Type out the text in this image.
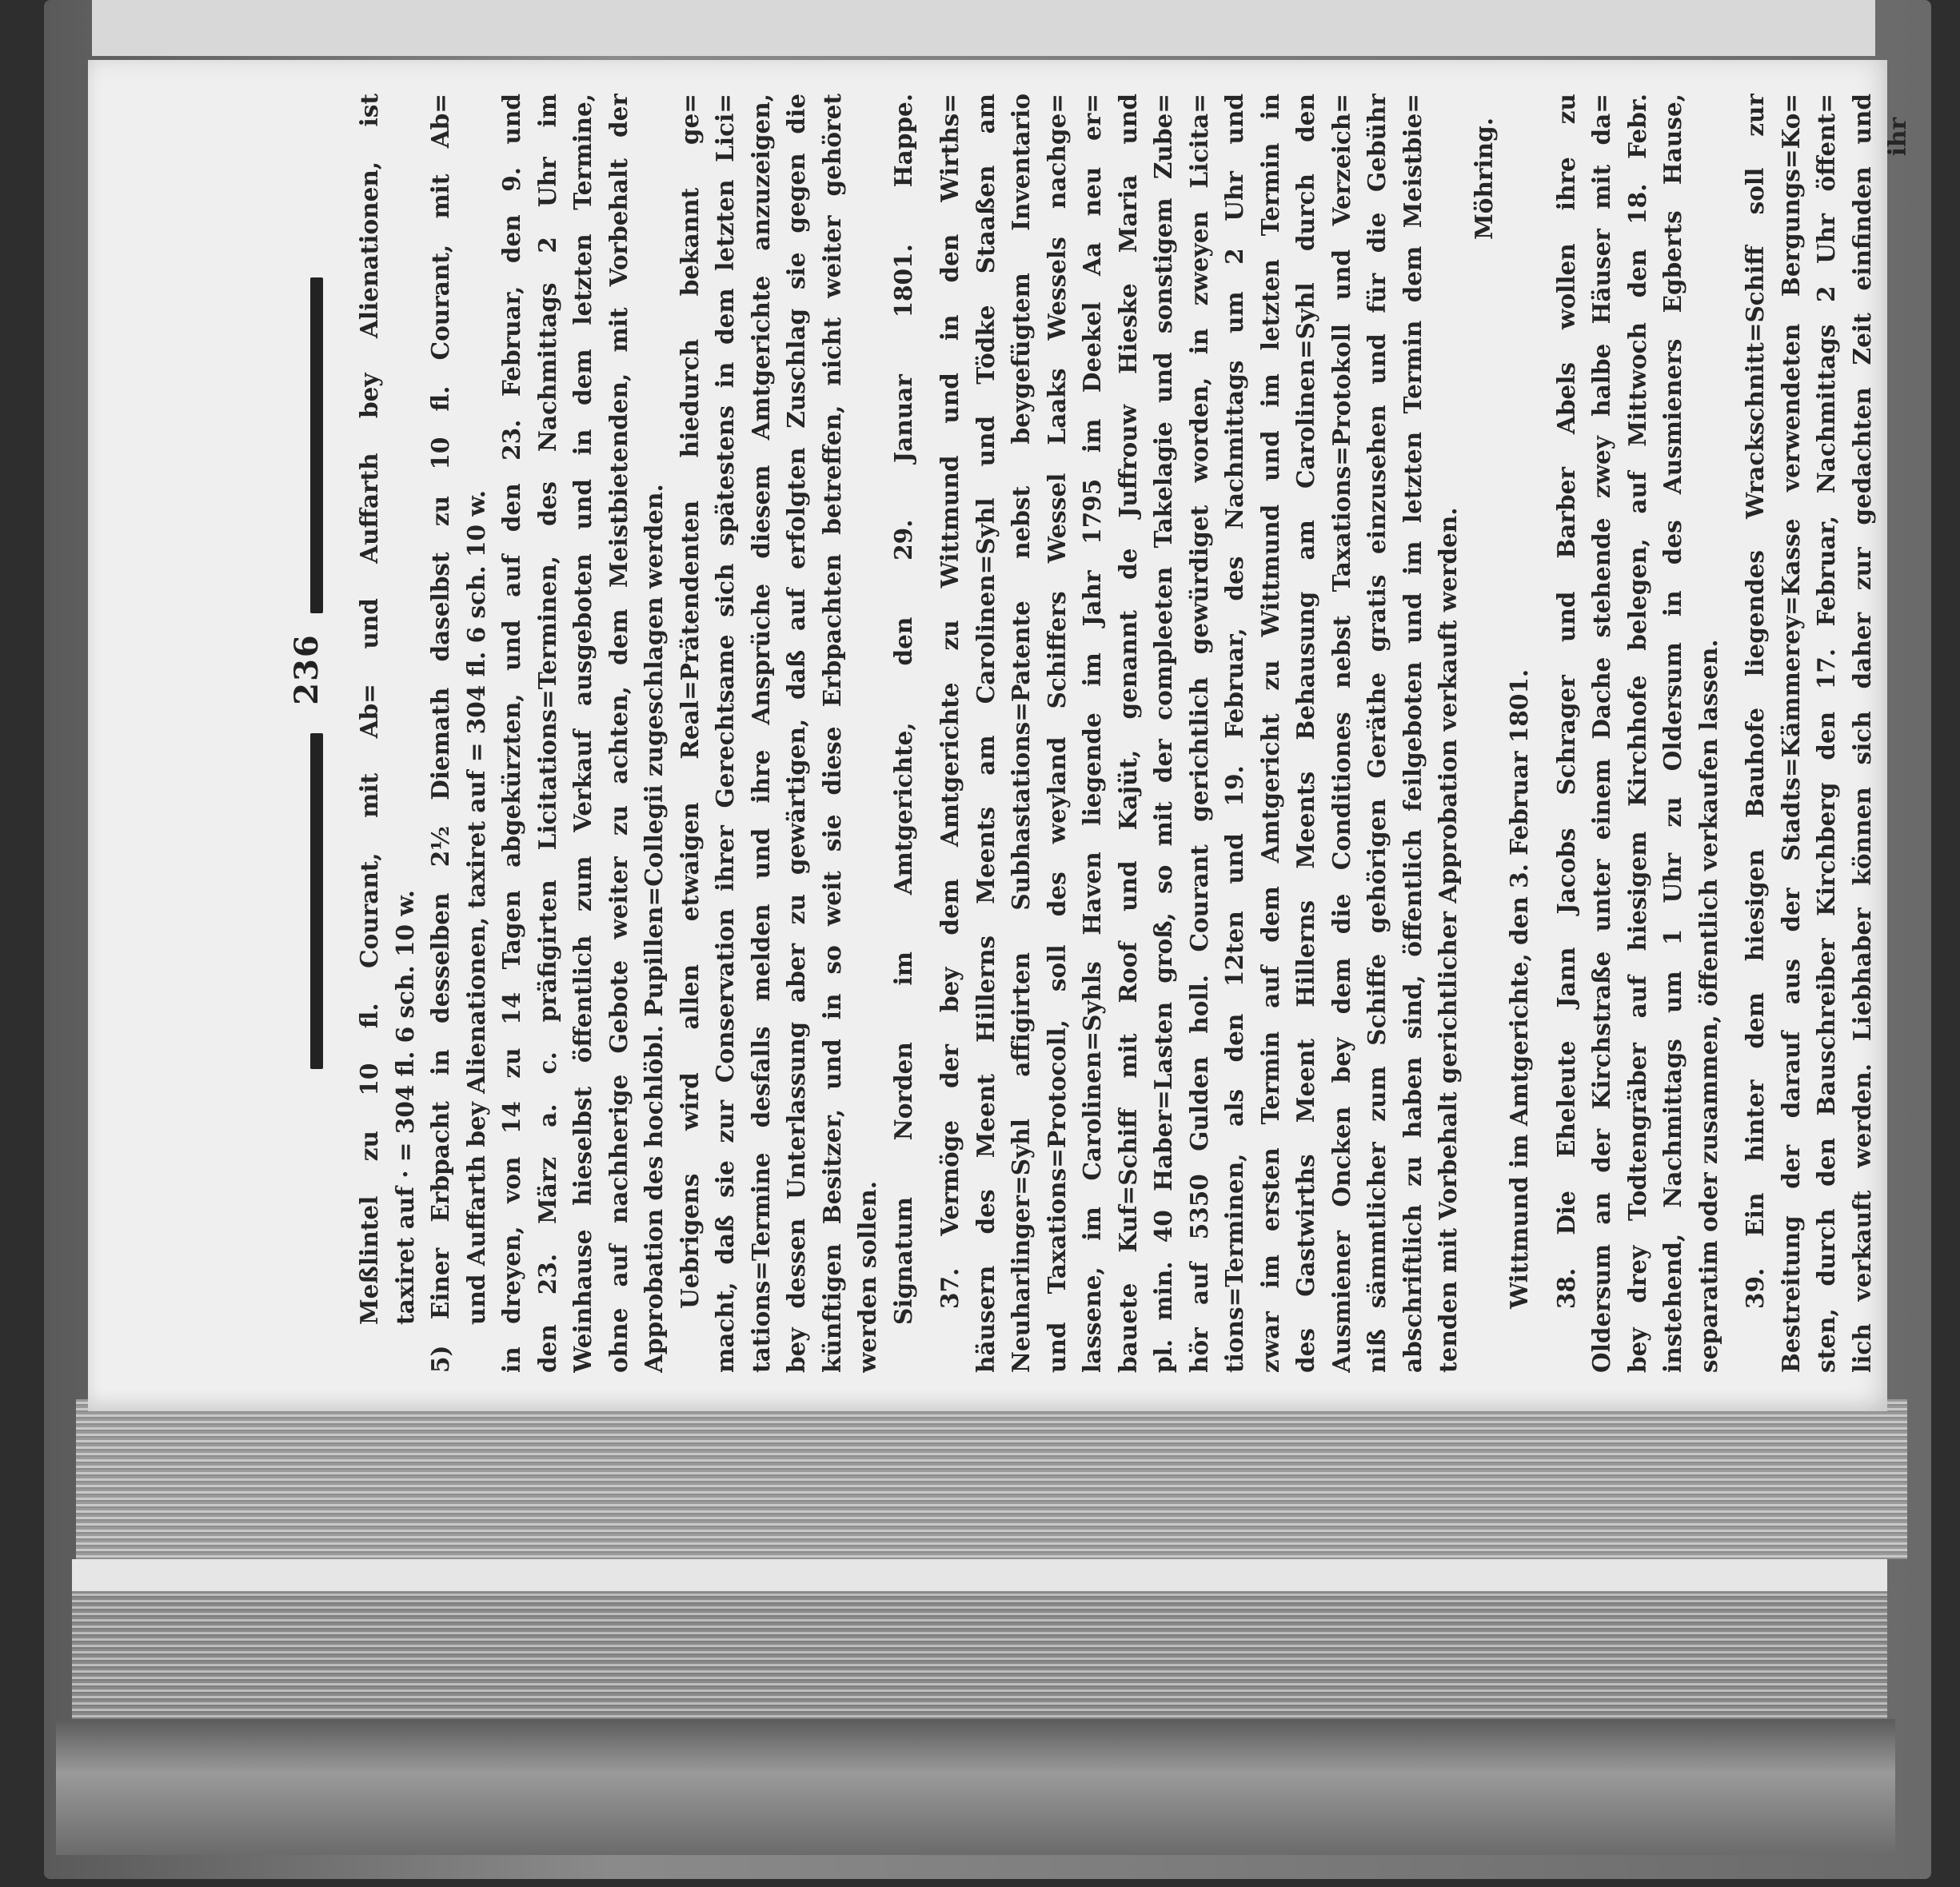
236 Meßlintel zu 10 fl. Courant, mit Ab= und Auffarth bey Alienationen, ist taxiret auf · = 304 fl. 6 sch. 10 w. 5) Einer Erbpacht in desselben 2½ Diemath daselbst zu 10 fl. Courant, mit Ab= und Auffarth bey Alienationen, taxiret auf = 304 fl. 6 sch. 10 w. in dreyen, von 14 zu 14 Tagen abgekürzten, und auf den 23. Februar, den 9. und den 23. März a. c. präfigirten Licitations=Terminen, des Nachmittags 2 Uhr im Weinhause hieselbst öffentlich zum Verkauf ausgeboten und in dem letzten Termine, ohne auf nachherige Gebote weiter zu achten, dem Meistbietenden, mit Vorbehalt der Approbation des hochlöbl. Pupillen=Collegii zugeschlagen werden. Uebrigens wird allen etwaigen Real=Prätendenten hiedurch bekannt ge= macht, daß sie zur Conservation ihrer Gerechtsame sich spätestens in dem letzten Lici= tations=Termine desfalls melden und ihre Ansprüche diesem Amtgerichte anzuzeigen, bey dessen Unterlassung aber zu gewärtigen, daß auf erfolgten Zuschlag sie gegen die künftigen Besitzer, und in so weit sie diese Erbpachten betreffen, nicht weiter gehöret werden sollen. Signatum Norden im Amtgerichte, den 29. Januar 1801. Happe. 37. Vermöge der bey dem Amtgerichte zu Wittmund und in den Wirths= häusern des Meent Hillerns Meents am Carolinen=Syhl und Tödke Staaßen am Neuharlinger=Syhl affigirten Subhastations=Patente nebst beygefügtem Inventario und Taxations=Protocoll, soll des weyland Schiffers Wessel Laaks Wessels nachge= lassene, im Carolinen=Syhls Haven liegende im Jahr 1795 im Deekel Aa neu er= bauete Kuf=Schiff mit Roof und Kajüt, genannt de Juffrouw Hieske Maria und pl. min. 40 Haber=Lasten groß, so mit der compleeten Takelagie und sonstigem Zube= hör auf 5350 Gulden holl. Courant gerichtlich gewürdiget worden, in zweyen Licita= tions=Terminen, als den 12ten und 19. Februar, des Nachmittags um 2 Uhr und zwar im ersten Termin auf dem Amtgericht zu Wittmund und im letzten Termin in des Gastwirths Meent Hillerns Meents Behausung am Carolinen=Syhl durch den Ausmiener Oncken bey dem die Conditiones nebst Taxations=Protokoll und Verzeich= niß sämmtlicher zum Schiffe gehörigen Geräthe gratis einzusehen und für die Gebühr abschriftlich zu haben sind, öffentlich feilgeboten und im letzten Termin dem Meistbie= tenden mit Vorbehalt gerichtlicher Approbation verkauft werden.
Möhring.
Wittmund im Amtgerichte, den 3. Februar 1801. 38. Die Eheleute Jann Jacobs Schrager und Barber Abels wollen ihre zu Oldersum an der Kirchstraße unter einem Dache stehende zwey halbe Häuser mit da= bey drey Todtengräber auf hiesigem Kirchhofe belegen, auf Mittwoch den 18. Febr. instehend, Nachmittags um 1 Uhr zu Oldersum in des Ausmieners Egberts Hause, separatim oder zusammen, öffentlich verkaufen lassen. 39. Ein hinter dem hiesigen Bauhofe liegendes Wrackschnitt=Schiff soll zur Bestreitung der darauf aus der Stadts=Kämmerey=Kasse verwendeten Bergungs=Ko= sten, durch den Bauschreiber Kirchberg den 17. Februar, Nachmittags 2 Uhr öffent= lich verkauft werden. Liebhaber können sich daher zur gedachten Zeit einfinden und ihr
